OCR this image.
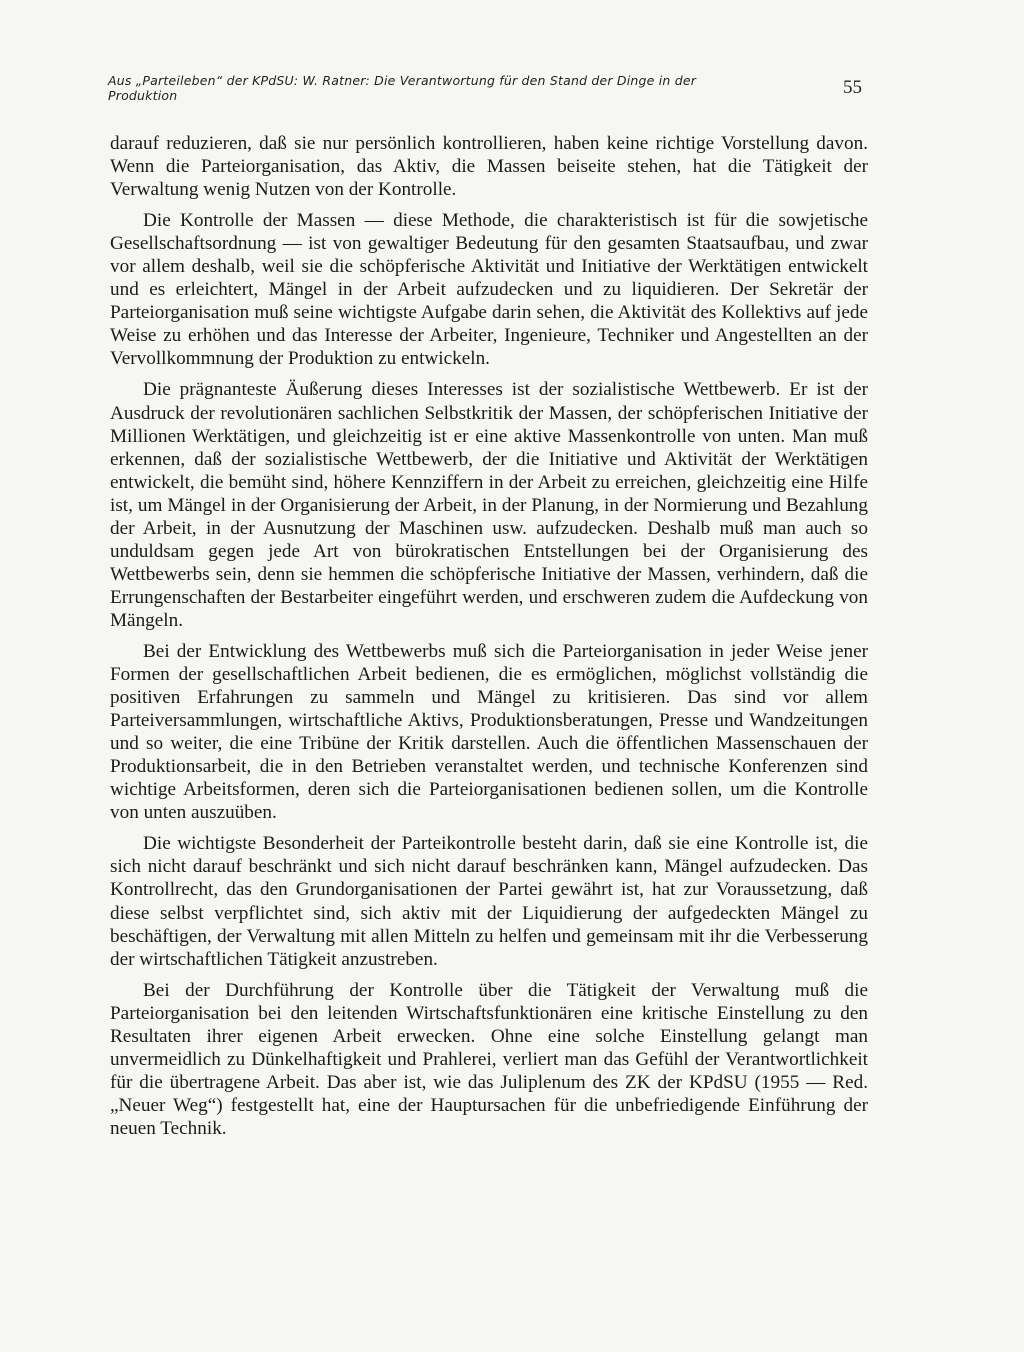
Aus „Parteileben“ der KPdSU: W. Ratner: Die Verantwortung für den Stand der Dinge in der Produktion	55

darauf reduzieren, daß sie nur persönlich kontrollieren, haben keine richtige Vorstellung davon. Wenn die Parteiorganisation, das Aktiv, die Massen beiseite stehen, hat die Tätigkeit der Verwaltung wenig Nutzen von der Kontrolle.

Die Kontrolle der Massen — diese Methode, die charakteristisch ist für die sowjetische Gesellschaftsordnung — ist von gewaltiger Bedeutung für den gesamten Staatsaufbau, und zwar vor allem deshalb, weil sie die schöpferische Aktivität und Initiative der Werktätigen entwickelt und es erleichtert, Mängel in der Arbeit aufzudecken und zu liquidieren. Der Sekretär der Parteiorganisation muß seine wichtigste Aufgabe darin sehen, die Aktivität des Kollektivs auf jede Weise zu erhöhen und das Interesse der Arbeiter, Ingenieure, Techniker und Angestellten an der Vervollkommnung der Produktion zu entwickeln.

Die prägnanteste Äußerung dieses Interesses ist der sozialistische Wettbewerb. Er ist der Ausdruck der revolutionären sachlichen Selbstkritik der Massen, der schöpferischen Initiative der Millionen Werktätigen, und gleichzeitig ist er eine aktive Massenkontrolle von unten. Man muß erkennen, daß der sozialistische Wettbewerb, der die Initiative und Aktivität der Werktätigen entwickelt, die bemüht sind, höhere Kennziffern in der Arbeit zu erreichen, gleichzeitig eine Hilfe ist, um Mängel in der Organisierung der Arbeit, in der Planung, in der Normierung und Bezahlung der Arbeit, in der Ausnutzung der Maschinen usw. aufzudecken. Deshalb muß man auch so unduldsam gegen jede Art von bürokratischen Entstellungen bei der Organisierung des Wettbewerbs sein, denn sie hemmen die schöpferische Initiative der Massen, verhindern, daß die Errungenschaften der Bestarbeiter eingeführt werden, und erschweren zudem die Aufdeckung von Mängeln.

Bei der Entwicklung des Wettbewerbs muß sich die Parteiorganisation in jeder Weise jener Formen der gesellschaftlichen Arbeit bedienen, die es ermöglichen, möglichst vollständig die positiven Erfahrungen zu sammeln und Mängel zu kritisieren. Das sind vor allem Parteiversammlungen, wirtschaftliche Aktivs, Produktionsberatungen, Presse und Wandzeitungen und so weiter, die eine Tribüne der Kritik darstellen. Auch die öffentlichen Massenschauen der Produktionsarbeit, die in den Betrieben veranstaltet werden, und technische Konferenzen sind wichtige Arbeitsformen, deren sich die Parteiorganisationen bedienen sollen, um die Kontrolle von unten auszuüben.

Die wichtigste Besonderheit der Parteikontrolle besteht darin, daß sie eine Kontrolle ist, die sich nicht darauf beschränkt und sich nicht darauf beschränken kann, Mängel aufzudecken. Das Kontrollrecht, das den Grundorganisationen der Partei gewährt ist, hat zur Voraussetzung, daß diese selbst verpflichtet sind, sich aktiv mit der Liquidierung der aufgedeckten Mängel zu beschäftigen, der Verwaltung mit allen Mitteln zu helfen und gemeinsam mit ihr die Verbesserung der wirtschaftlichen Tätigkeit anzustreben.

Bei der Durchführung der Kontrolle über die Tätigkeit der Verwaltung muß die Parteiorganisation bei den leitenden Wirtschaftsfunktionären eine kritische Einstellung zu den Resultaten ihrer eigenen Arbeit erwecken. Ohne eine solche Einstellung gelangt man unvermeidlich zu Dünkelhaftigkeit und Prahlerei, verliert man das Gefühl der Verantwortlichkeit für die übertragene Arbeit. Das aber ist, wie das Juliplenum des ZK der KPdSU (1955 — Red. „Neuer Weg“) festgestellt hat, eine der Hauptursachen für die unbefriedigende Einführung der neuen Technik.
